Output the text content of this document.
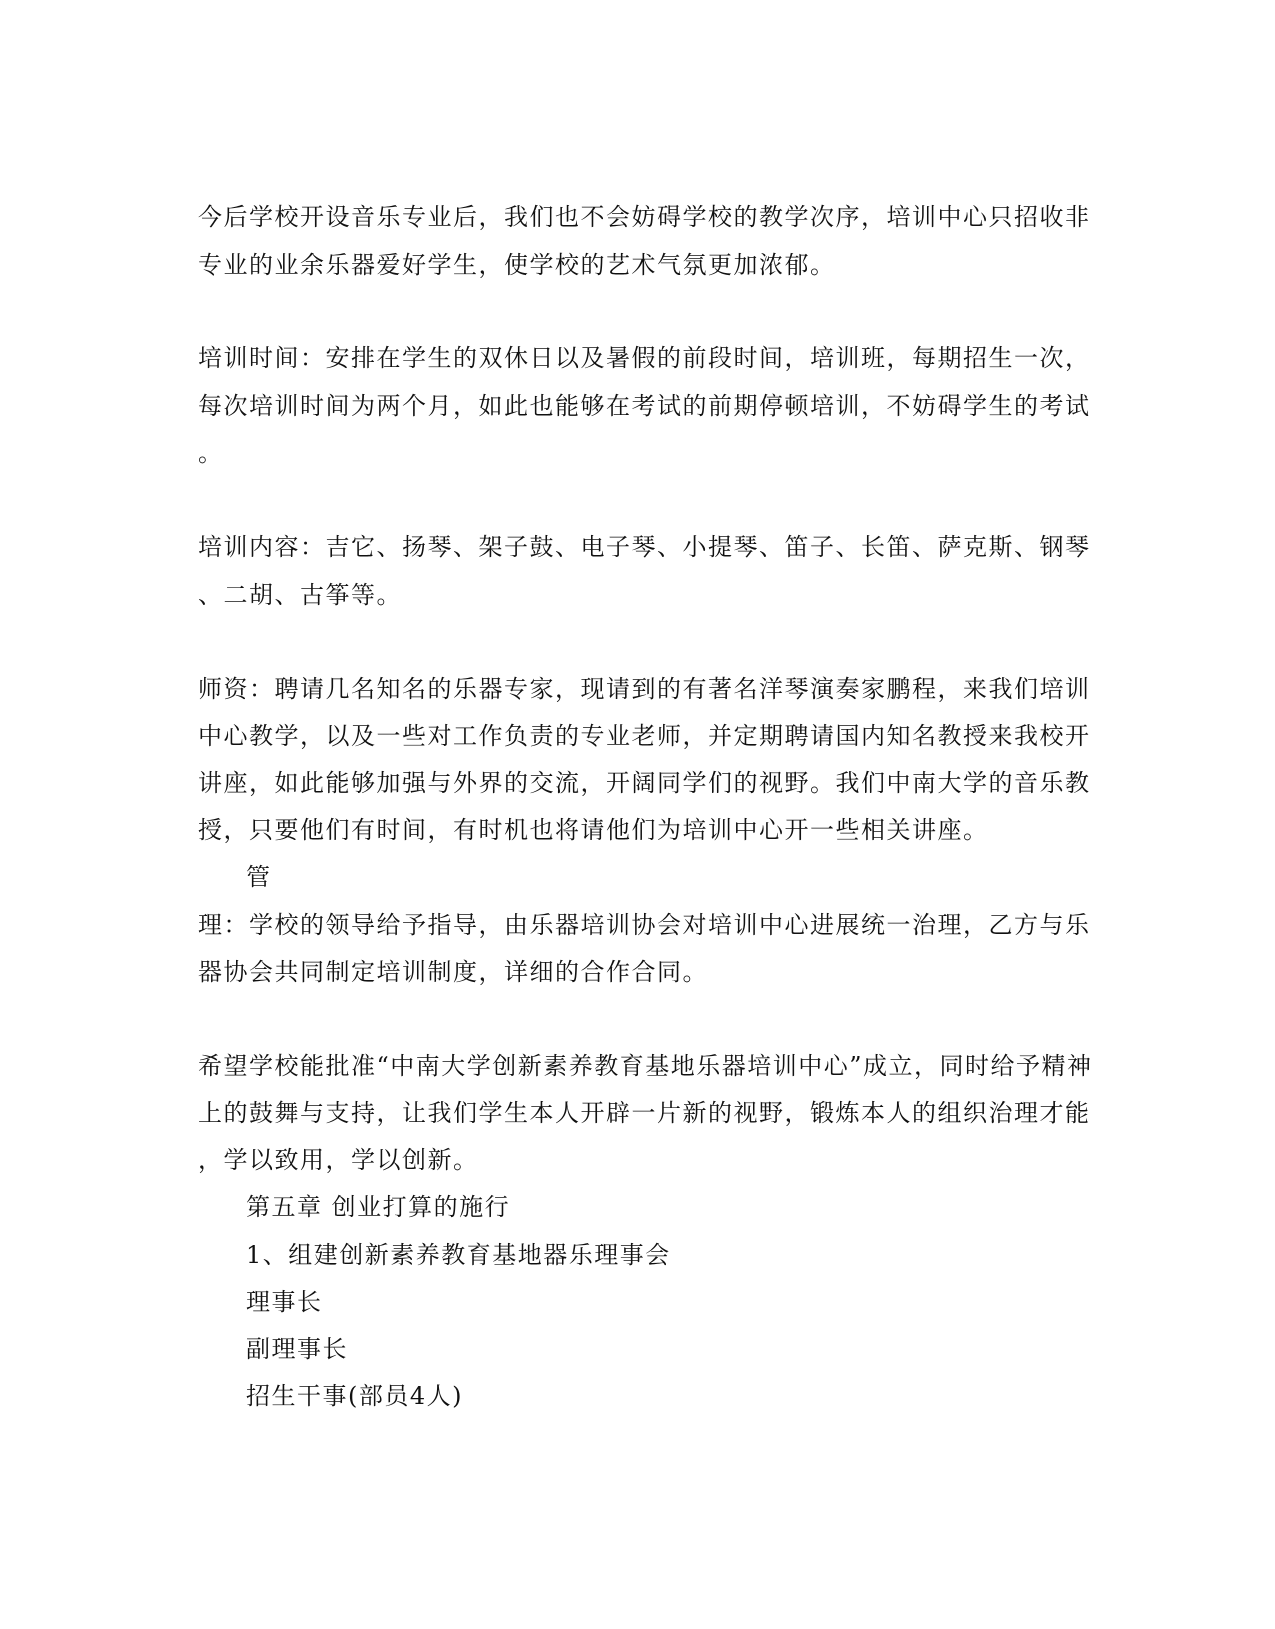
今后学校开设音乐专业后，我们也不会妨碍学校的教学次序，培训中心只招收非
专业的业余乐器爱好学生，使学校的艺术气氛更加浓郁。
培训时间：安排在学生的双休日以及暑假的前段时间，培训班，每期招生一次，
每次培训时间为两个月，如此也能够在考试的前期停顿培训，不妨碍学生的考试
。
培训内容：吉它、扬琴、架子鼓、电子琴、小提琴、笛子、长笛、萨克斯、钢琴
、二胡、古筝等。
师资：聘请几名知名的乐器专家，现请到的有著名洋琴演奏家鹏程，来我们培训
中心教学，以及一些对工作负责的专业老师，并定期聘请国内知名教授来我校开
讲座，如此能够加强与外界的交流，开阔同学们的视野。我们中南大学的音乐教
授，只要他们有时间，有时机也将请他们为培训中心开一些相关讲座。
管
理：学校的领导给予指导，由乐器培训协会对培训中心进展统一治理，乙方与乐
器协会共同制定培训制度，详细的合作合同。
希望学校能批准“中南大学创新素养教育基地乐器培训中心”成立，同时给予精神
上的鼓舞与支持，让我们学生本人开辟一片新的视野，锻炼本人的组织治理才能
，学以致用，学以创新。
第五章 创业打算的施行
1、组建创新素养教育基地器乐理事会
理事长
副理事长
招生干事(部员4人)
